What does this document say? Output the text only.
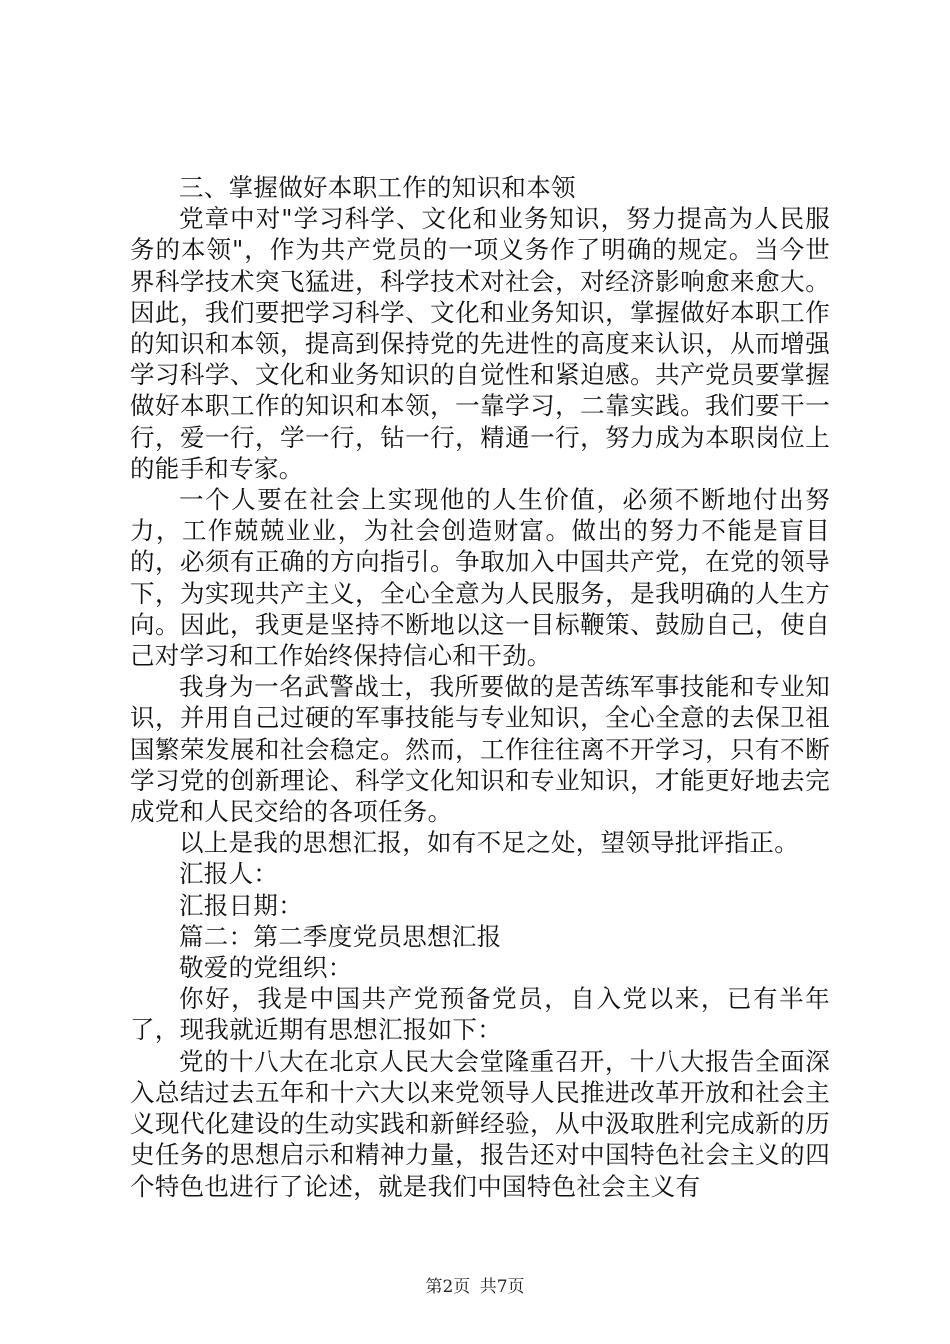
三、掌握做好本职工作的知识和本领

党章中对"学习科学、文化和业务知识，努力提高为人民服务的本领"，作为共产党员的一项义务作了明确的规定。当今世界科学技术突飞猛进，科学技术对社会，对经济影响愈来愈大。因此，我们要把学习科学、文化和业务知识，掌握做好本职工作的知识和本领，提高到保持党的先进性的高度来认识，从而增强学习科学、文化和业务知识的自觉性和紧迫感。共产党员要掌握做好本职工作的知识和本领，一靠学习，二靠实践。我们要干一行，爱一行，学一行，钻一行，精通一行，努力成为本职岗位上的能手和专家。

一个人要在社会上实现他的人生价值，必须不断地付出努力，工作兢兢业业，为社会创造财富。做出的努力不能是盲目的，必须有正确的方向指引。争取加入中国共产党，在党的领导下，为实现共产主义，全心全意为人民服务，是我明确的人生方向。因此，我更是坚持不断地以这一目标鞭策、鼓励自己，使自己对学习和工作始终保持信心和干劲。

我身为一名武警战士，我所要做的是苦练军事技能和专业知识，并用自己过硬的军事技能与专业知识，全心全意的去保卫祖国繁荣发展和社会稳定。然而，工作往往离不开学习，只有不断学习党的创新理论、科学文化知识和专业知识，才能更好地去完成党和人民交给的各项任务。

以上是我的思想汇报，如有不足之处，望领导批评指正。

汇报人：

汇报日期：

篇二：第二季度党员思想汇报

敬爱的党组织：

你好，我是中国共产党预备党员，自入党以来，已有半年了，现我就近期有思想汇报如下：

党的十八大在北京人民大会堂隆重召开，十八大报告全面深入总结过去五年和十六大以来党领导人民推进改革开放和社会主义现代化建设的生动实践和新鲜经验，从中汲取胜利完成新的历史任务的思想启示和精神力量，报告还对中国特色社会主义的四个特色也进行了论述，就是我们中国特色社会主义有

第2页 共7页
